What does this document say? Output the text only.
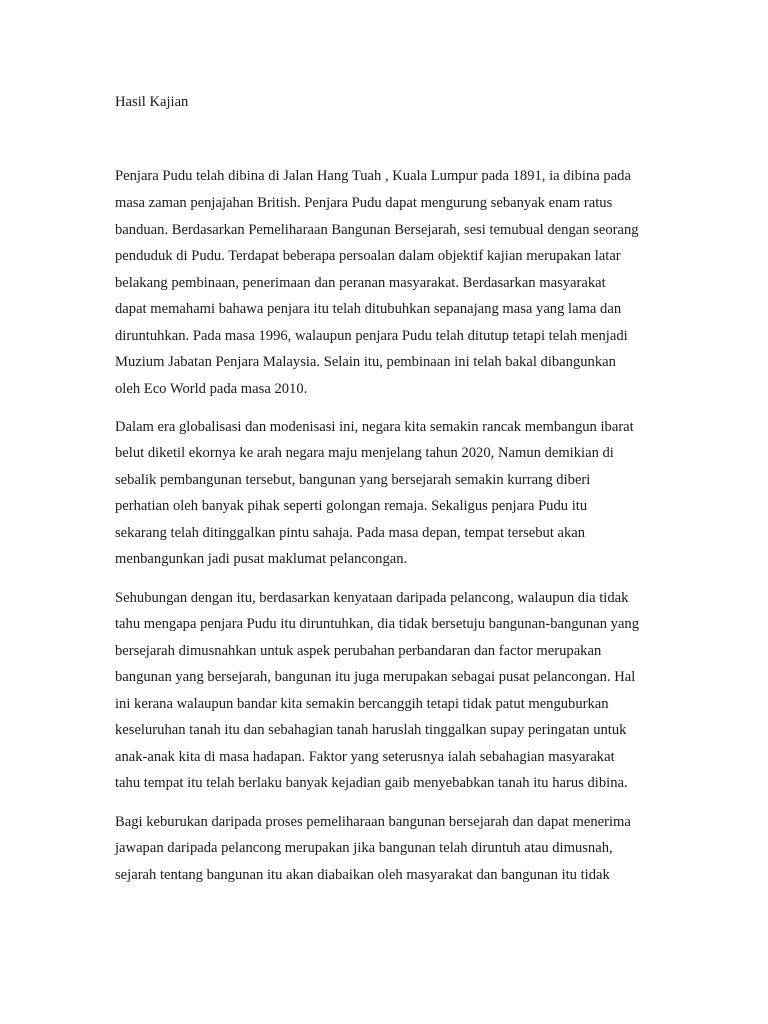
Hasil Kajian
Penjara Pudu telah dibina di Jalan Hang Tuah , Kuala Lumpur pada 1891, ia dibina pada
masa zaman penjajahan British. Penjara Pudu dapat mengurung sebanyak enam ratus
banduan. Berdasarkan Pemeliharaan Bangunan Bersejarah, sesi temubual dengan seorang
penduduk di Pudu. Terdapat beberapa persoalan dalam objektif kajian merupakan latar
belakang pembinaan, penerimaan dan peranan masyarakat. Berdasarkan masyarakat
dapat memahami bahawa penjara itu telah ditubuhkan sepanajang masa yang lama dan
diruntuhkan. Pada masa 1996, walaupun penjara Pudu telah ditutup tetapi telah menjadi
Muzium Jabatan Penjara Malaysia. Selain itu, pembinaan ini telah bakal dibangunkan
oleh Eco World pada masa 2010.
Dalam era globalisasi dan modenisasi ini, negara kita semakin rancak membangun ibarat
belut diketil ekornya ke arah negara maju menjelang tahun 2020, Namun demikian di
sebalik pembangunan tersebut, bangunan yang bersejarah semakin kurrang diberi
perhatian oleh banyak pihak seperti golongan remaja. Sekaligus penjara Pudu itu
sekarang telah ditinggalkan pintu sahaja. Pada masa depan, tempat tersebut akan
menbangunkan jadi pusat maklumat pelancongan.
Sehubungan dengan itu, berdasarkan kenyataan daripada pelancong, walaupun dia tidak
tahu mengapa penjara Pudu itu diruntuhkan, dia tidak bersetuju bangunan-bangunan yang
bersejarah dimusnahkan untuk aspek perubahan perbandaran dan factor merupakan
bangunan yang bersejarah, bangunan itu juga merupakan sebagai pusat pelancongan. Hal
ini kerana walaupun bandar kita semakin bercanggih tetapi tidak patut menguburkan
keseluruhan tanah itu dan sebahagian tanah haruslah tinggalkan supay peringatan untuk
anak-anak kita di masa hadapan. Faktor yang seterusnya ialah sebahagian masyarakat
tahu tempat itu telah berlaku banyak kejadian gaib menyebabkan tanah itu harus dibina.
Bagi keburukan daripada proses pemeliharaan bangunan bersejarah dan dapat menerima
jawapan daripada pelancong merupakan jika bangunan telah diruntuh atau dimusnah,
sejarah tentang bangunan itu akan diabaikan oleh masyarakat dan bangunan itu tidak
